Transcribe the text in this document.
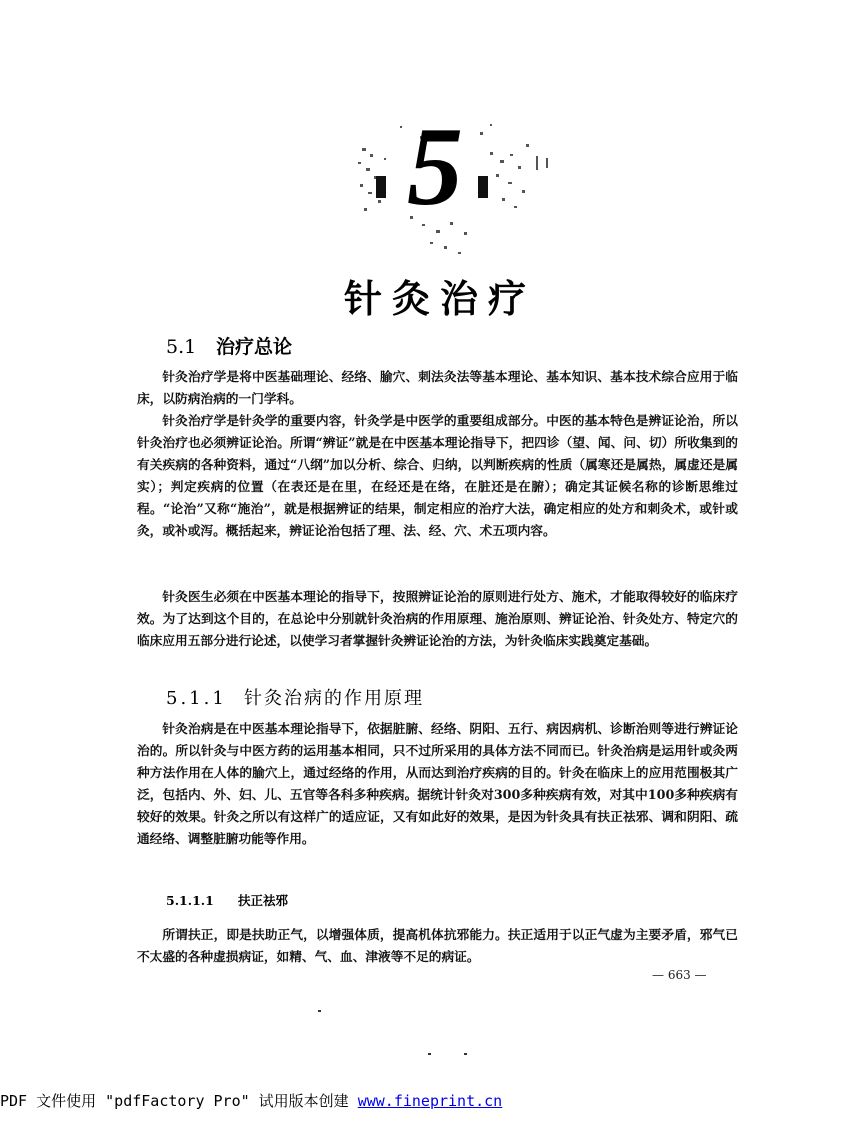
5
针灸治疗
5.1 治疗总论

针灸治疗学是将中医基础理论、经络、腧穴、刺法灸法等基本理论、基本知识、基本技术综合应用于临床，以防病治病的一门学科。

针灸治疗学是针灸学的重要内容，针灸学是中医学的重要组成部分。中医的基本特色是辨证论治，所以针灸治疗也必须辨证论治。所谓“辨证”就是在中医基本理论指导下，把四诊（望、闻、问、切）所收集到的有关疾病的各种资料，通过“八纲”加以分析、综合、归纳，以判断疾病的性质（属寒还是属热，属虚还是属实）；判定疾病的位置（在表还是在里，在经还是在络，在脏还是在腑）；确定其证候名称的诊断思维过程。“论治”又称“施治”，就是根据辨证的结果，制定相应的治疗大法，确定相应的处方和刺灸术，或针或灸，或补或泻。概括起来，辨证论治包括了理、法、经、穴、术五项内容。

针灸医生必须在中医基本理论的指导下，按照辨证论治的原则进行处方、施术，才能取得较好的临床疗效。为了达到这个目的，在总论中分别就针灸治病的作用原理、施治原则、辨证论治、针灸处方、特定穴的临床应用五部分进行论述，以使学习者掌握针灸辨证论治的方法，为针灸临床实践奠定基础。

5.1.1 针灸治病的作用原理

针灸治病是在中医基本理论指导下，依据脏腑、经络、阴阳、五行、病因病机、诊断治则等进行辨证论治的。所以针灸与中医方药的运用基本相同，只不过所采用的具体方法不同而已。针灸治病是运用针或灸两种方法作用在人体的腧穴上，通过经络的作用，从而达到治疗疾病的目的。针灸在临床上的应用范围极其广泛，包括内、外、妇、儿、五官等各科多种疾病。据统计针灸对300多种疾病有效，对其中100多种疾病有较好的效果。针灸之所以有这样广的适应证，又有如此好的效果，是因为针灸具有扶正祛邪、调和阴阳、疏通经络、调整脏腑功能等作用。

5.1.1.1 扶正祛邪

所谓扶正，即是扶助正气，以增强体质，提高机体抗邪能力。扶正适用于以正气虚为主要矛盾，邪气已不太盛的各种虚损病证，如精、气、血、津液等不足的病证。

— 663 —
PDF 文件使用 "pdfFactory Pro" 试用版本创建 www.fineprint.cn
